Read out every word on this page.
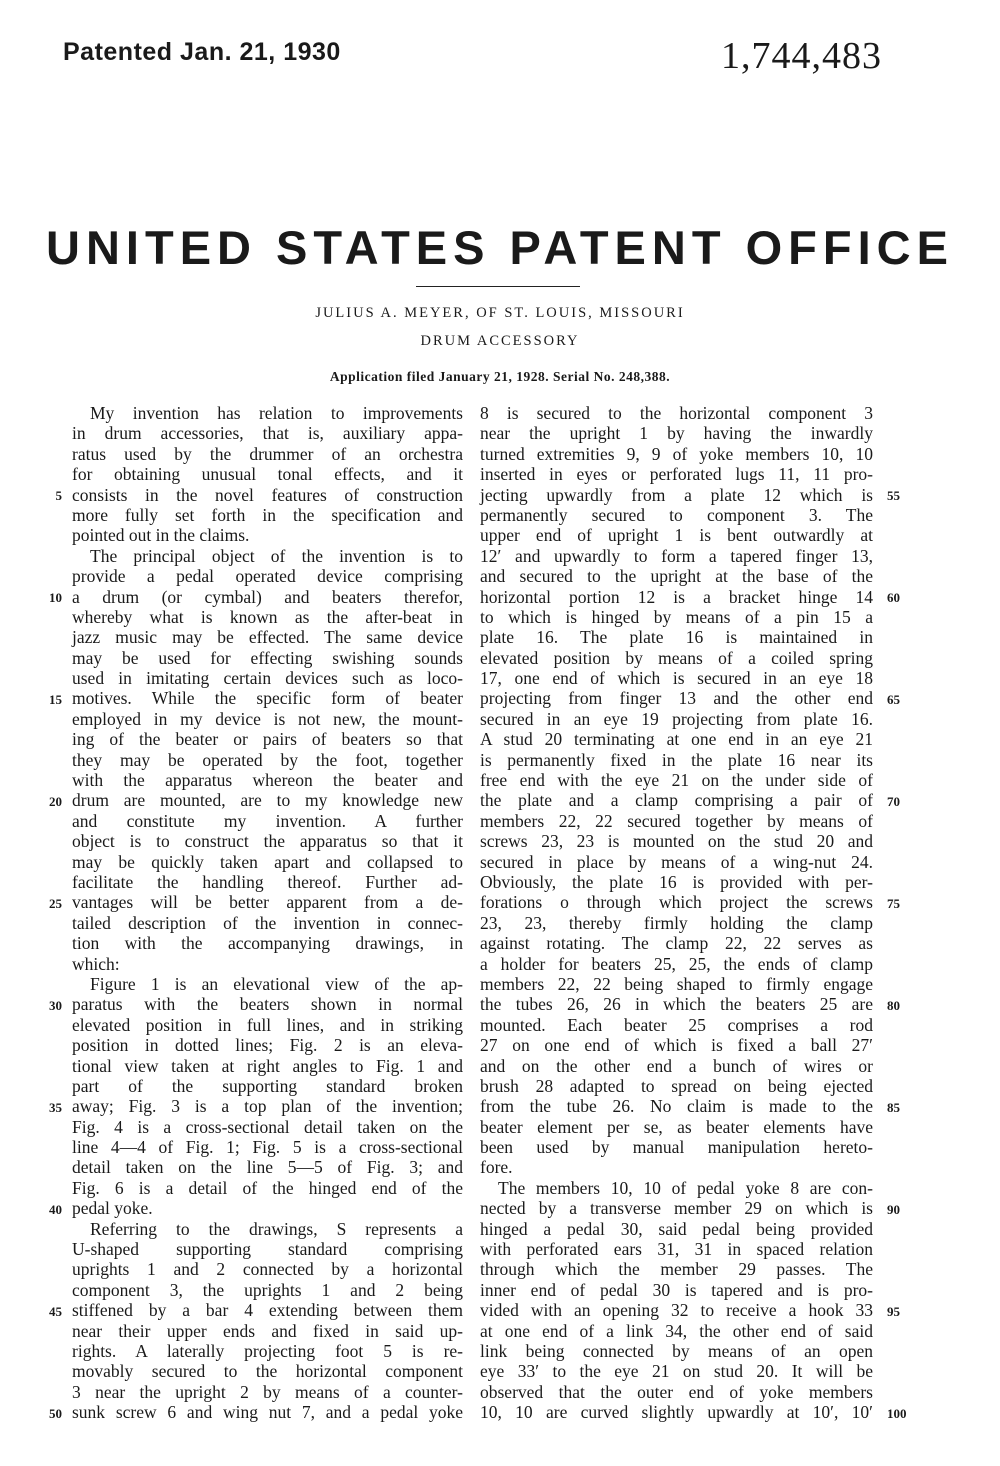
Patented Jan. 21, 1930	1,744,483
UNITED STATES PATENT OFFICE
JULIUS A. MEYER, OF ST. LOUIS, MISSOURI
DRUM ACCESSORY
Application filed January 21, 1928. Serial No. 248,388.
My invention has relation to improvements
in drum accessories, that is, auxiliary appa-
ratus used by the drummer of an orchestra
for obtaining unusual tonal effects, and it
consists in the novel features of construction
more fully set forth in the specification and
pointed out in the claims.
The principal object of the invention is to
provide a pedal operated device comprising
a drum (or cymbal) and beaters therefor,
whereby what is known as the after-beat in
jazz music may be effected. The same device
may be used for effecting swishing sounds
used in imitating certain devices such as loco-
motives. While the specific form of beater
employed in my device is not new, the mount-
ing of the beater or pairs of beaters so that
they may be operated by the foot, together
with the apparatus whereon the beater and
drum are mounted, are to my knowledge new
and constitute my invention. A further
object is to construct the apparatus so that it
may be quickly taken apart and collapsed to
facilitate the handling thereof. Further ad-
vantages will be better apparent from a de-
tailed description of the invention in connec-
tion with the accompanying drawings, in
which:
Figure 1 is an elevational view of the ap-
paratus with the beaters shown in normal
elevated position in full lines, and in striking
position in dotted lines; Fig. 2 is an eleva-
tional view taken at right angles to Fig. 1 and
part of the supporting standard broken
away; Fig. 3 is a top plan of the invention;
Fig. 4 is a cross-sectional detail taken on the
line 4—4 of Fig. 1; Fig. 5 is a cross-sectional
detail taken on the line 5—5 of Fig. 3; and
Fig. 6 is a detail of the hinged end of the
pedal yoke.
Referring to the drawings, S represents a
U-shaped supporting standard comprising
uprights 1 and 2 connected by a horizontal
component 3, the uprights 1 and 2 being
stiffened by a bar 4 extending between them
near their upper ends and fixed in said up-
rights. A laterally projecting foot 5 is re-
movably secured to the horizontal component
3 near the upright 2 by means of a counter-
sunk screw 6 and wing nut 7, and a pedal yoke
8 is secured to the horizontal component 3
near the upright 1 by having the inwardly
turned extremities 9, 9 of yoke members 10, 10
inserted in eyes or perforated lugs 11, 11 pro-
jecting upwardly from a plate 12 which is
permanently secured to component 3. The
upper end of upright 1 is bent outwardly at
12′ and upwardly to form a tapered finger 13,
and secured to the upright at the base of the
horizontal portion 12 is a bracket hinge 14
to which is hinged by means of a pin 15 a
plate 16. The plate 16 is maintained in
elevated position by means of a coiled spring
17, one end of which is secured in an eye 18
projecting from finger 13 and the other end
secured in an eye 19 projecting from plate 16.
A stud 20 terminating at one end in an eye 21
is permanently fixed in the plate 16 near its
free end with the eye 21 on the under side of
the plate and a clamp comprising a pair of
members 22, 22 secured together by means of
screws 23, 23 is mounted on the stud 20 and
secured in place by means of a wing-nut 24.
Obviously, the plate 16 is provided with per-
forations o through which project the screws
23, 23, thereby firmly holding the clamp
against rotating. The clamp 22, 22 serves as
a holder for beaters 25, 25, the ends of clamp
members 22, 22 being shaped to firmly engage
the tubes 26, 26 in which the beaters 25 are
mounted. Each beater 25 comprises a rod
27 on one end of which is fixed a ball 27′
and on the other end a bunch of wires or
brush 28 adapted to spread on being ejected
from the tube 26. No claim is made to the
beater element per se, as beater elements have
been used by manual manipulation hereto-
fore.
The members 10, 10 of pedal yoke 8 are con-
nected by a transverse member 29 on which is
hinged a pedal 30, said pedal being provided
with perforated ears 31, 31 in spaced relation
through which the member 29 passes. The
inner end of pedal 30 is tapered and is pro-
vided with an opening 32 to receive a hook 33
at one end of a link 34, the other end of said
link being connected by means of an open
eye 33′ to the eye 21 on stud 20. It will be
observed that the outer end of yoke members
10, 10 are curved slightly upwardly at 10′, 10′
5
10
15
20
25
30
35
40
45
50
55
60
65
70
75
80
85
90
95
100
